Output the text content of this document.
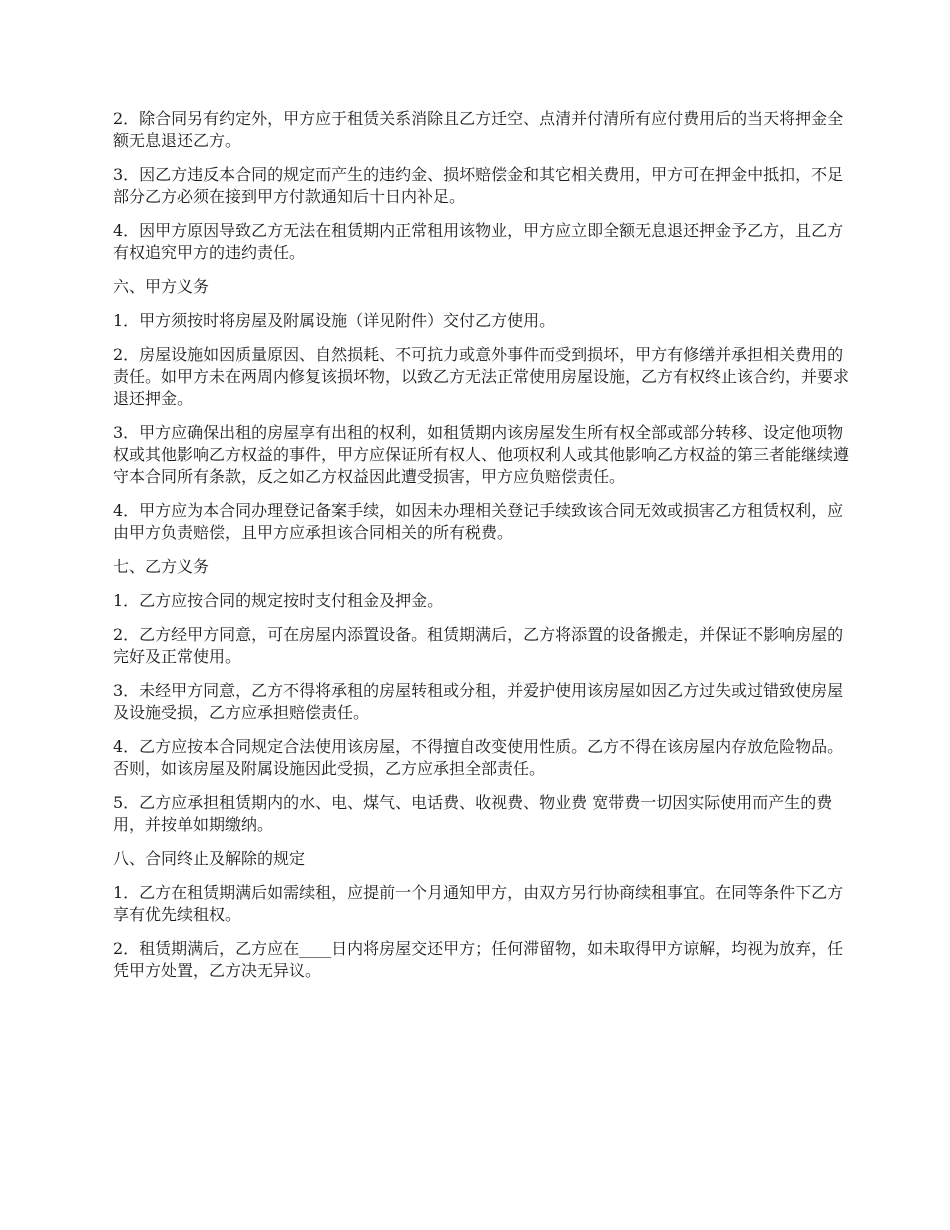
2．除合同另有约定外，甲方应于租赁关系消除且乙方迁空、点清并付清所有应付费用后的当天将押金全额无息退还乙方。

3．因乙方违反本合同的规定而产生的违约金、损坏赔偿金和其它相关费用，甲方可在押金中抵扣，不足部分乙方必须在接到甲方付款通知后十日内补足。

4．因甲方原因导致乙方无法在租赁期内正常租用该物业，甲方应立即全额无息退还押金予乙方，且乙方有权追究甲方的违约责任。

六、甲方义务

1．甲方须按时将房屋及附属设施（详见附件）交付乙方使用。

2．房屋设施如因质量原因、自然损耗、不可抗力或意外事件而受到损坏，甲方有修缮并承担相关费用的责任。如甲方未在两周内修复该损坏物，以致乙方无法正常使用房屋设施，乙方有权终止该合约，并要求退还押金。

3．甲方应确保出租的房屋享有出租的权利，如租赁期内该房屋发生所有权全部或部分转移、设定他项物权或其他影响乙方权益的事件，甲方应保证所有权人、他项权利人或其他影响乙方权益的第三者能继续遵守本合同所有条款，反之如乙方权益因此遭受损害，甲方应负赔偿责任。

4．甲方应为本合同办理登记备案手续，如因未办理相关登记手续致该合同无效或损害乙方租赁权利，应由甲方负责赔偿，且甲方应承担该合同相关的所有税费。

七、乙方义务

1．乙方应按合同的规定按时支付租金及押金。

2．乙方经甲方同意，可在房屋内添置设备。租赁期满后，乙方将添置的设备搬走，并保证不影响房屋的完好及正常使用。

3．未经甲方同意，乙方不得将承租的房屋转租或分租，并爱护使用该房屋如因乙方过失或过错致使房屋及设施受损，乙方应承担赔偿责任。

4．乙方应按本合同规定合法使用该房屋，不得擅自改变使用性质。乙方不得在该房屋内存放危险物品。否则，如该房屋及附属设施因此受损，乙方应承担全部责任。

5．乙方应承担租赁期内的水、电、煤气、电话费、收视费、物业费 宽带费一切因实际使用而产生的费用，并按单如期缴纳。

八、合同终止及解除的规定

1．乙方在租赁期满后如需续租，应提前一个月通知甲方，由双方另行协商续租事宜。在同等条件下乙方享有优先续租权。

2．租赁期满后，乙方应在____日内将房屋交还甲方；任何滞留物，如未取得甲方谅解，均视为放弃，任凭甲方处置，乙方决无异议。
